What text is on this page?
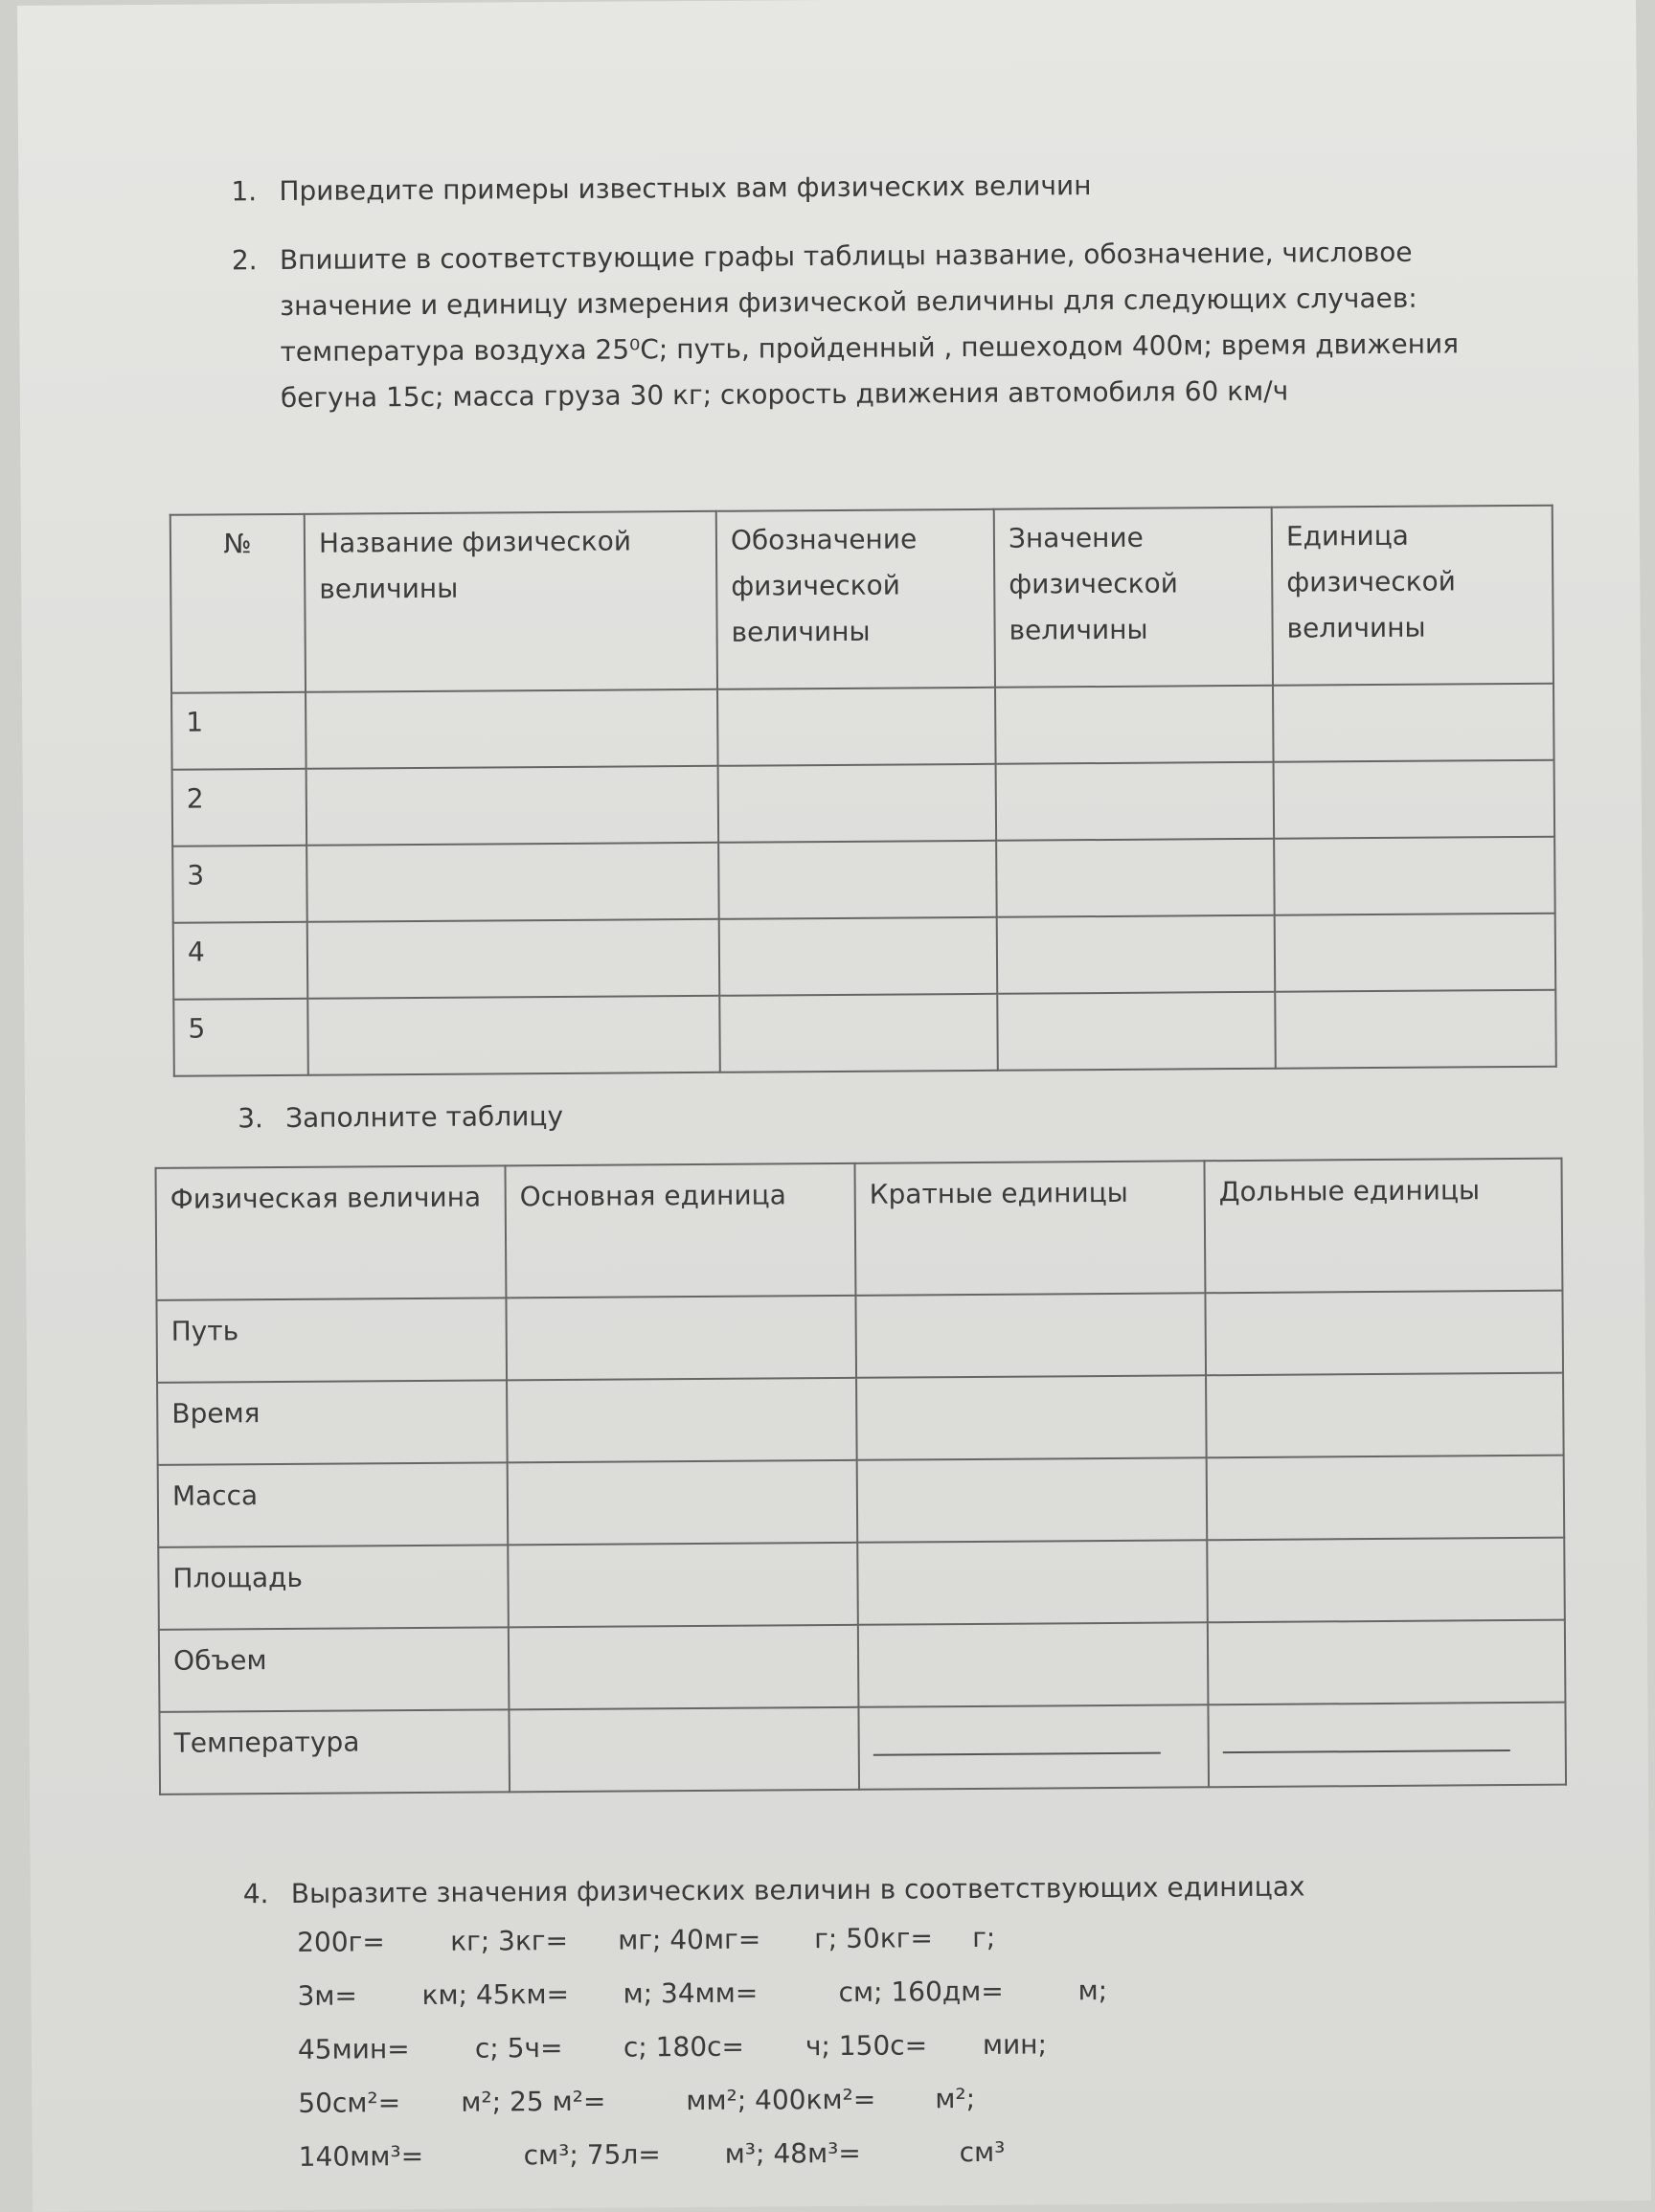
1. Приведите примеры известных вам физических величин
2. Впишите в соответствующие графы таблицы название, обозначение, числовое
значение и единицу измерения физической величины для следующих случаев:
температура воздуха 25⁰С; путь, пройденный , пешеходом 400м; время движения
бегуна 15с; масса груза 30 кг; скорость движения автомобиля 60 км/ч
№	Название физической величины	Обозначение физической величины	Значение физической величины	Единица физической величины
1				
2				
3				
4				
5				
3. Заполните таблицу
Физическая величина	Основная единица	Кратные единицы	Дольные единицы
Путь			
Время			
Масса			
Площадь			
Объем			
Температура			
4. Выразите значения физических величин в соответствующих единицах
200г= кг; 3кг= мг; 40мг= г; 50кг= г;
3м= км; 45км= м; 34мм=	см; 160дм=	м;
45мин= с; 5ч= с; 180с= ч; 150с= мин;
50см²= м²; 25 м²=	мм²; 400км²= м²;
140мм³=	см³; 75л= м³; 48м³=	см³
